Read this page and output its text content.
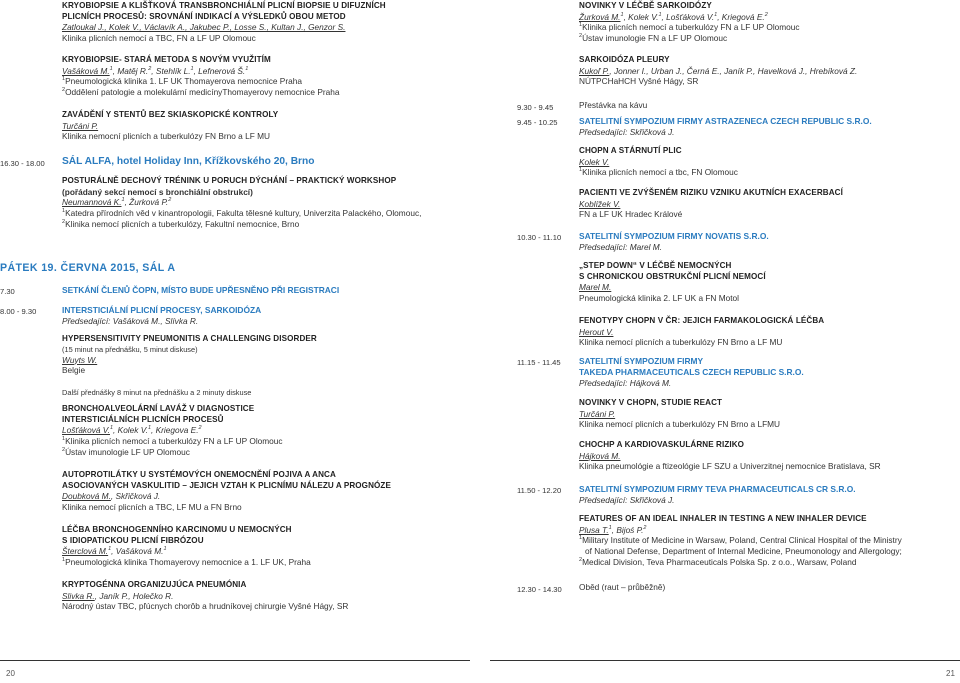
KRYOBIOPSIE A KLIŠŤKOVÁ TRANSBRONCHIÁLNÍ PLICNÍ BIOPSIE U DIFUZNÍCH
PLICNÍCH PROCESŮ: SROVNÁNÍ INDIKACÍ A VÝSLEDKŮ OBOU METOD
Zatloukal J., Kolek V., Václavík A., Jakubec P., Losse S., Kultan J., Genzor S.
Klinika plicních nemocí a TBC, FN a LF UP Olomouc
KRYOBIOPSIE- STARÁ METODA S NOVÝM VYUŽITÍM
Vašáková M.$^1$, Matěj R.$^2$, Stehlík L.$^1$, Lefnerová Š.$^1$
$^1$Pneumologická klinika 1. LF UK Thomayerova nemocnice Praha
$^2$Oddělení patologie a molekulární medicínyThomayerovy nemocnice Praha
ZAVÁDĚNÍ Y STENTŮ BEZ SKIASKOPICKÉ KONTROLY
Turčáni P.
Klinika nemocní plicních a tuberkulózy FN Brno a LF MU
16.30 - 18.00 SÁL ALFA, hotel Holiday Inn, Křížkovského 20, Brno
POSTURÁLNĚ DECHOVÝ TRÉNINK U PORUCH DÝCHÁNÍ – PRAKTICKÝ WORKSHOP
(pořádaný sekcí nemocí s bronchiální obstrukcí)
Neumannová K.$^1$, Žurková P.$^2$
$^1$Katedra přírodních věd v kinantropologii, Fakulta tělesné kultury, Univerzita Palackého, Olomouc,
$^2$Klinika nemocí plicních a tuberkulózy, Fakultní nemocnice, Brno
PÁTEK 19. ČERVNA 2015, SÁL A
7.30	SETKÁNÍ ČLENŮ ČOPN, MÍSTO BUDE UPŘESNĚNO PŘI REGISTRACI
8.00 - 9.30	INTERSTICIÁLNÍ PLICNÍ PROCESY, SARKOIDÓZA
Předsedající: Vašáková M., Slívka R.
HYPERSENSITIVITY PNEUMONITIS A CHALLENGING DISORDER
(15 minut na přednášku, 5 minut diskuse)
Wuyts W.
Belgie
Další přednášky 8 minut na přednášku a 2 minuty diskuse
BRONCHOALVEOLÁRNÍ LAVÁŽ V DIAGNOSTICE
INTERSTICIÁLNÍCH PLICNÍCH PROCESŮ
Lošťáková V.$^1$, Kolek V.$^1$, Kriegova E.$^2$
$^1$Klinika plicních nemocí a tuberkulózy FN a LF UP Olomouc
$^2$Ústav imunologie LF UP Olomouc
AUTOPROTILÁTKY U SYSTÉMOVÝCH ONEMOCNĚNÍ POJIVA A ANCA
ASOCIOVANÝCH VASKULITID – JEJICH VZTAH K PLICNÍMU NÁLEZU A PROGNÓZE
Doubková M., Skřičková J.
Klinika nemocí plicních a TBC, LF MU a FN Brno
LÉČBA BRONCHOGENNÍHO KARCINOMU U NEMOCNÝCH
S IDIOPATICKOU PLICNÍ FIBRÓZOU
Šterclová M.$^1$, Vašáková M.$^1$
$^1$Pneumologická klinika Thomayerovy nemocnice a 1. LF UK, Praha
KRYPTOGÉNNA ORGANIZUJÚCA PNEUMÓNIA
Slivka R., Janík P., Holečko R.
Národný ústav TBC, pľúcnych chorôb a hrudníkovej chirurgie Vyšné Hágy, SR
20
NOVINKY V LÉČBĚ SARKOIDÓZY
Žurková M.$^1$, Kolek V.$^1$, Lošťáková V.$^1$, Kriegová E.$^2$
$^1$Klinika plicních nemocí a tuberkulózy FN a LF UP Olomouc
$^2$Ústav imunologie FN a LF UP Olomouc
SARKOIDÓZA PLEURY
Kukoľ P., Jonner I., Urban J., Černá E., Janík P., Havelková J., Hrebíková Z.
NÚTPCHaHCH Vyšné Hágy, SR
9.30 - 9.45	Přestávka na kávu
9.45 - 10.25	SATELITNÍ SYMPOZIUM FIRMY ASTRAZENECA CZECH REPUBLIC S.R.O.
Předsedající: Skřičková J.
CHOPN A STÁRNUTÍ PLIC
Kolek V.
$^1$Klinika plicních nemocí a tbc, FN Olomouc
PACIENTI VE ZVÝŠENÉM RIZIKU VZNIKU AKUTNÍCH EXACERBACÍ
Koblížek V.
FN a LF UK Hradec Králové
10.30 - 11.10 SATELITNÍ SYMPOZIUM FIRMY NOVATIS S.R.O.
Předsedající: Marel M.
„STEP DOWN“ V LÉČBĚ NEMOCNÝCH
S CHRONICKOU OBSTRUKČNÍ PLICNÍ NEMOCÍ
Marel M.
Pneumologická klinika 2. LF UK a FN Motol
FENOTYPY CHOPN V ČR: JEJICH FARMAKOLOGICKÁ LÉČBA
Herout V.
Klinika nemocí plicních a tuberkulózy FN Brno a LF MU
11.15 - 11.45 SATELITNÍ SYMPOZIUM FIRMY
TAKEDA PHARMACEUTICALS CZECH REPUBLIC S.R.O.
Předsedající: Hájková M.
NOVINKY V CHOPN, STUDIE REACT
Turčáni P.
Klinika nemocí plicních a tuberkulózy FN Brno a LFMU
CHOCHP A KARDIOVASKULÁRNE RIZIKO
Hájková M.
Klinika pneumológie a ftizeológie LF SZU a Univerzitnej nemocnice Bratislava, SR
11.50 - 12.20 SATELITNÍ SYMPOZIUM FIRMY TEVA PHARMACEUTICALS CR S.R.O.
Předsedající: Skřičková J.
FEATURES OF AN IDEAL INHALER IN TESTING A NEW INHALER DEVICE
Plusa T.$^1$, Bijoś P.$^2$
$^1$Military Institute of Medicine in Warsaw, Poland, Central Clinical Hospital of the Ministry
of National Defense, Department of Internal Medicine, Pneumonology and Allergology;
$^2$Medical Division, Teva Pharmaceuticals Polska Sp. z o.o., Warsaw, Poland
12.30 - 14.30 Oběd (raut – průběžně)
21
